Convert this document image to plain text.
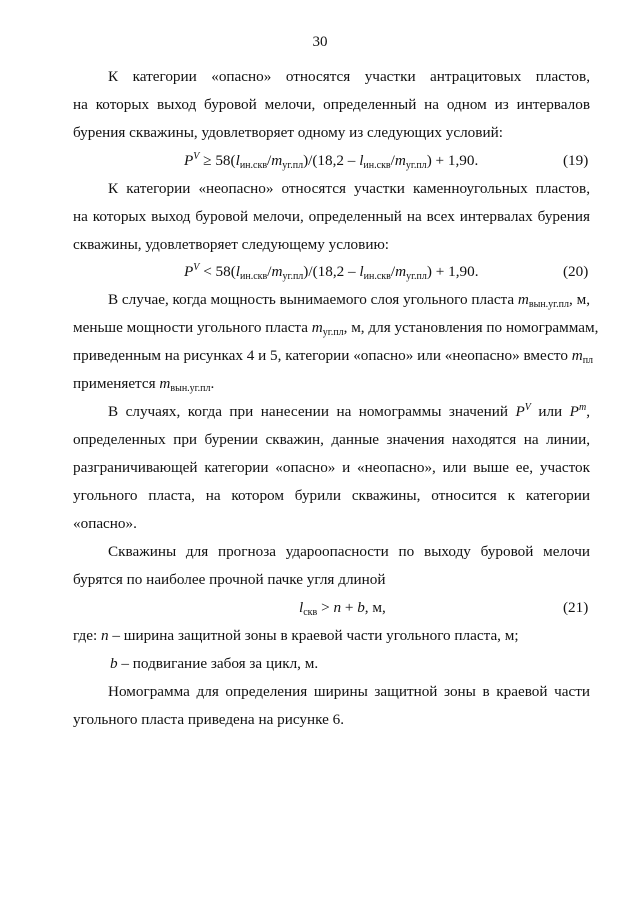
30
К категории «опасно» относятся участки антрацитовых пластов,
на которых выход буровой мелочи, определенный на одном из интервалов
бурения скважины, удовлетворяет одному из следующих условий:
$P^V \ge 58(l_{ин.скв}/m_{уг.пл})/(18,2 - l_{ин.скв}/m_{уг.пл}) + 1,90$.	(19)
К категории «неопасно» относятся участки каменноугольных пластов,
на которых выход буровой мелочи, определенный на всех интервалах бурения
скважины, удовлетворяет следующему условию:
$P^V < 58(l_{ин.скв}/m_{уг.пл})/(18,2 - l_{ин.скв}/m_{уг.пл}) + 1,90$.	(20)
В случае, когда мощность вынимаемого слоя угольного пласта $m_{вын.уг.пл}$, м,
меньше мощности угольного пласта $m_{уг.пл}$, м, для установления по номограммам,
приведенным на рисунках 4 и 5, категории «опасно» или «неопасно» вместо $m_{пл}$
применяется $m_{вын.уг.пл}$.
В случаях, когда при нанесении на номограммы значений $P^V$ или $P^m$,
определенных при бурении скважин, данные значения находятся на линии,
разграничивающей категории «опасно» и «неопасно», или выше ее, участок
угольного пласта, на котором бурили скважины, относится к категории
«опасно».
Скважины для прогноза удароопасности по выходу буровой мелочи
бурятся по наиболее прочной пачке угля длиной
$l_{скв} > n + b$, м,	(21)
где: n – ширина защитной зоны в краевой части угольного пласта, м;
b – подвигание забоя за цикл, м.
Номограмма для определения ширины защитной зоны в краевой части
угольного пласта приведена на рисунке 6.
